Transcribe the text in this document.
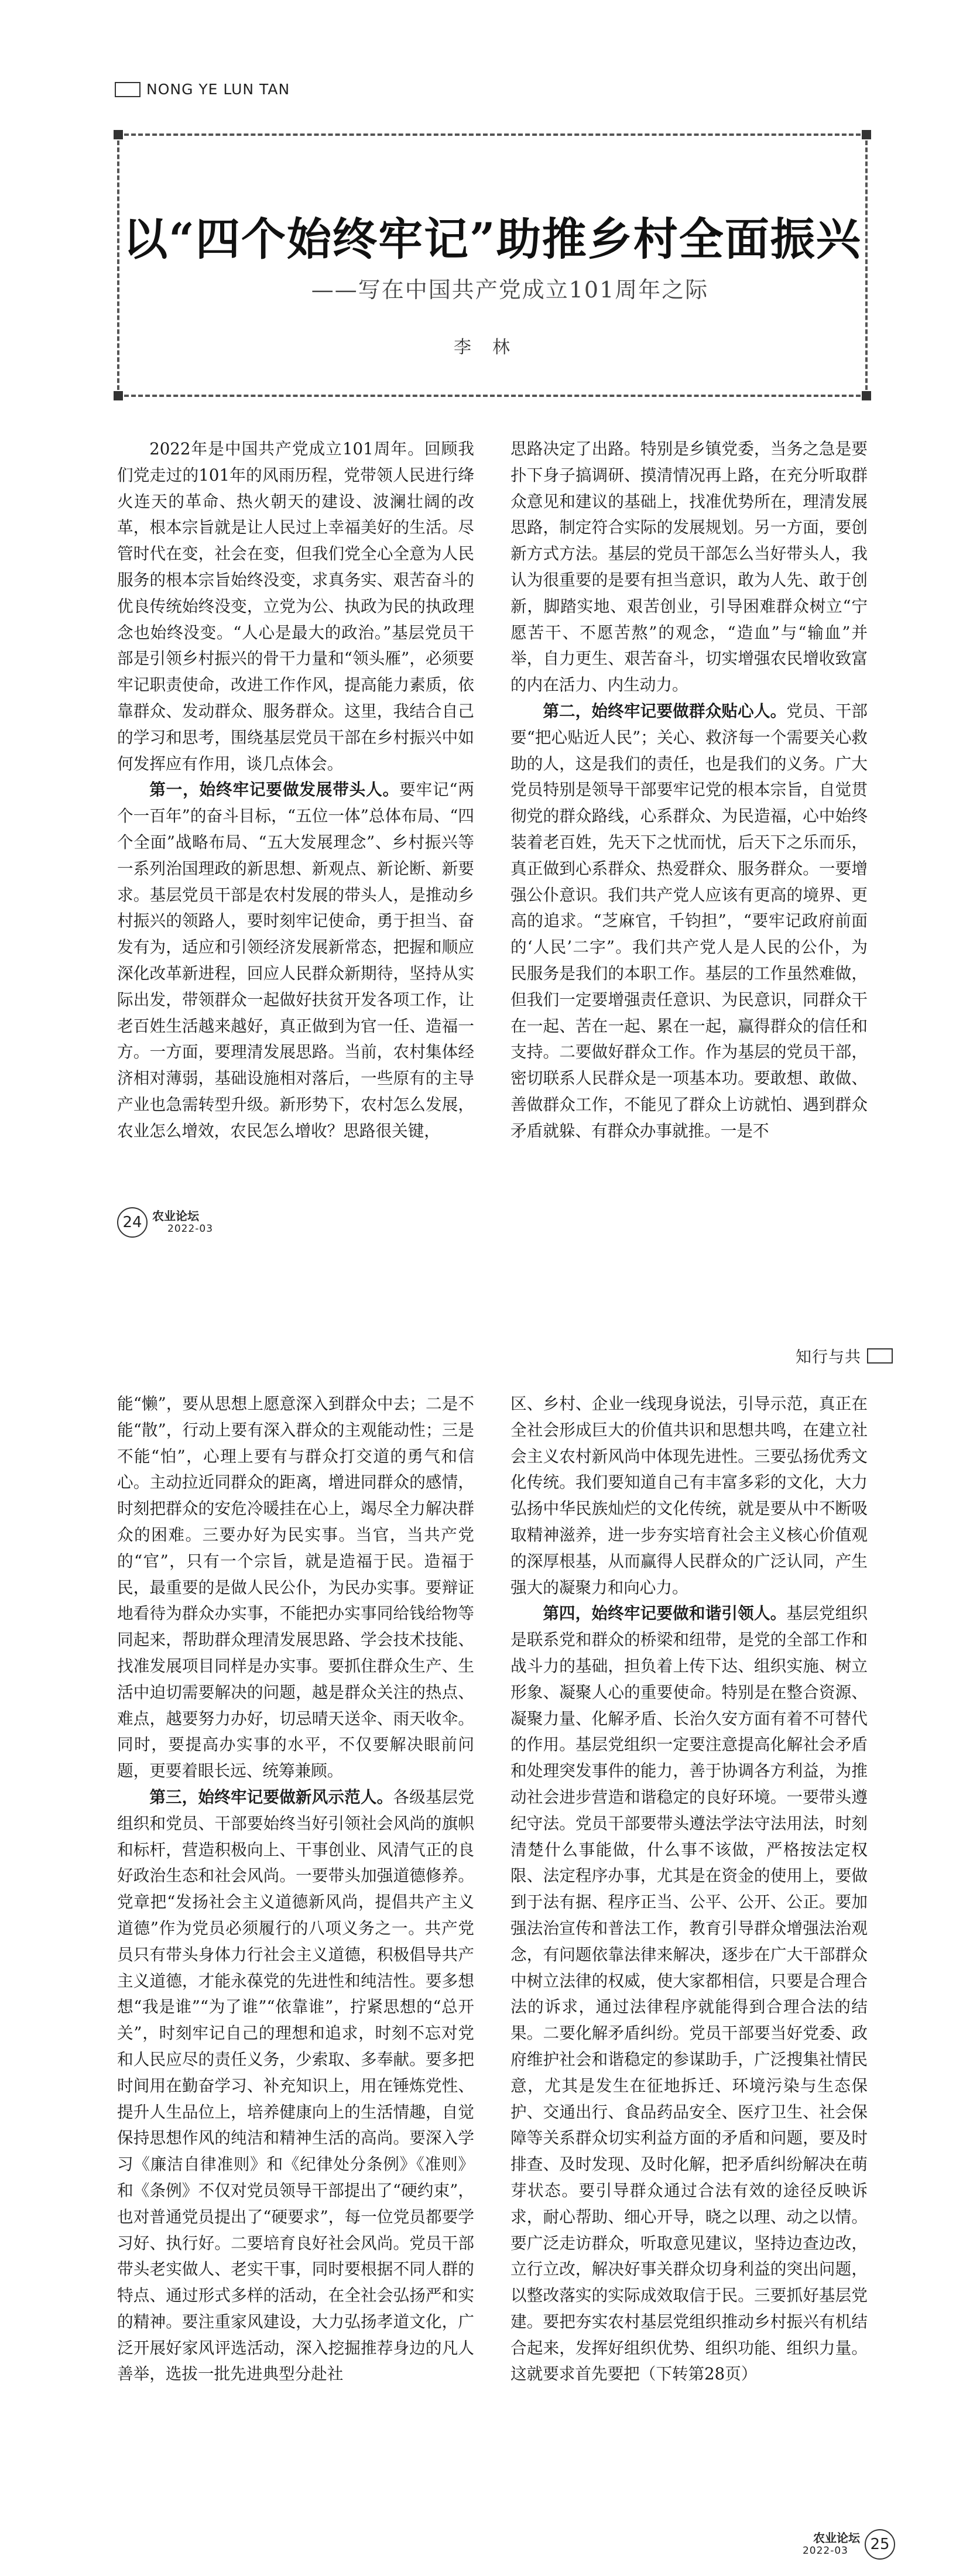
NONG YE LUN TAN
以“四个始终牢记”助推乡村全面振兴
——写在中国共产党成立101周年之际
李林

2022年是中国共产党成立101周年。回顾我们党走过的101年的风雨历程，党带领人民进行绛火连天的革命、热火朝天的建设、波澜壮阔的改革，根本宗旨就是让人民过上幸福美好的生活。尽管时代在变，社会在变，但我们党全心全意为人民服务的根本宗旨始终没变，求真务实、艰苦奋斗的优良传统始终没变，立党为公、执政为民的执政理念也始终没变。“人心是最大的政治。”基层党员干部是引领乡村振兴的骨干力量和“领头雁”，必须要牢记职责使命，改进工作作风，提高能力素质，依靠群众、发动群众、服务群众。这里，我结合自己的学习和思考，围绕基层党员干部在乡村振兴中如何发挥应有作用，谈几点体会。

第一，始终牢记要做发展带头人。要牢记“两个一百年”的奋斗目标，“五位一体”总体布局、“四个全面”战略布局、“五大发展理念”、乡村振兴等一系列治国理政的新思想、新观点、新论断、新要求。基层党员干部是农村发展的带头人，是推动乡村振兴的领路人，要时刻牢记使命，勇于担当、奋发有为，适应和引领经济发展新常态，把握和顺应深化改革新进程，回应人民群众新期待，坚持从实际出发，带领群众一起做好扶贫开发各项工作，让老百姓生活越来越好，真正做到为官一任、造福一方。一方面，要理清发展思路。当前，农村集体经济相对薄弱，基础设施相对落后，一些原有的主导产业也急需转型升级。新形势下，农村怎么发展，农业怎么增效，农民怎么增收？思路很关键，

思路决定了出路。特别是乡镇党委，当务之急是要扑下身子搞调研、摸清情况再上路，在充分听取群众意见和建议的基础上，找准优势所在，理清发展思路，制定符合实际的发展规划。另一方面，要创新方式方法。基层的党员干部怎么当好带头人，我认为很重要的是要有担当意识，敢为人先、敢于创新，脚踏实地、艰苦创业，引导困难群众树立“宁愿苦干、不愿苦熬”的观念，“造血”与“输血”并举，自力更生、艰苦奋斗，切实增强农民增收致富的内在活力、内生动力。

第二，始终牢记要做群众贴心人。党员、干部要“把心贴近人民”；关心、救济每一个需要关心救助的人，这是我们的责任，也是我们的义务。广大党员特别是领导干部要牢记党的根本宗旨，自觉贯彻党的群众路线，心系群众、为民造福，心中始终装着老百姓，先天下之忧而忧，后天下之乐而乐，真正做到心系群众、热爱群众、服务群众。一要增强公仆意识。我们共产党人应该有更高的境界、更高的追求。“芝麻官，千钧担”，“要牢记政府前面的‘人民’二字”。我们共产党人是人民的公仆，为民服务是我们的本职工作。基层的工作虽然难做，但我们一定要增强责任意识、为民意识，同群众干在一起、苦在一起、累在一起，赢得群众的信任和支持。二要做好群众工作。作为基层的党员干部，密切联系人民群众是一项基本功。要敢想、敢做、善做群众工作，不能见了群众上访就怕、遇到群众矛盾就躲、有群众办事就推。一是不

24 农业论坛
2022-03
知行与共

能“懒”，要从思想上愿意深入到群众中去；二是不能“散”，行动上要有深入群众的主观能动性；三是不能“怕”，心理上要有与群众打交道的勇气和信心。主动拉近同群众的距离，增进同群众的感情，时刻把群众的安危冷暖挂在心上，竭尽全力解决群众的困难。三要办好为民实事。当官，当共产党的“官”，只有一个宗旨，就是造福于民。造福于民，最重要的是做人民公仆，为民办实事。要辩证地看待为群众办实事，不能把办实事同给钱给物等同起来，帮助群众理清发展思路、学会技术技能、找准发展项目同样是办实事。要抓住群众生产、生活中迫切需要解决的问题，越是群众关注的热点、难点，越要努力办好，切忌晴天送伞、雨天收伞。同时，要提高办实事的水平，不仅要解决眼前问题，更要着眼长远、统筹兼顾。

第三，始终牢记要做新风示范人。各级基层党组织和党员、干部要始终当好引领社会风尚的旗帜和标杆，营造积极向上、干事创业、风清气正的良好政治生态和社会风尚。一要带头加强道德修养。党章把“发扬社会主义道德新风尚，提倡共产主义道德”作为党员必须履行的八项义务之一。共产党员只有带头身体力行社会主义道德，积极倡导共产主义道德，才能永葆党的先进性和纯洁性。要多想想“我是谁”“为了谁”“依靠谁”，拧紧思想的“总开关”，时刻牢记自己的理想和追求，时刻不忘对党和人民应尽的责任义务，少索取、多奉献。要多把时间用在勤奋学习、补充知识上，用在锤炼党性、提升人生品位上，培养健康向上的生活情趣，自觉保持思想作风的纯洁和精神生活的高尚。要深入学习《廉洁自律准则》和《纪律处分条例》《准则》和《条例》不仅对党员领导干部提出了“硬约束”，也对普通党员提出了“硬要求”，每一位党员都要学习好、执行好。二要培育良好社会风尚。党员干部带头老实做人、老实干事，同时要根据不同人群的特点、通过形式多样的活动，在全社会弘扬严和实的精神。要注重家风建设，大力弘扬孝道文化，广泛开展好家风评选活动，深入挖掘推荐身边的凡人善举，选拔一批先进典型分赴社

区、乡村、企业一线现身说法，引导示范，真正在全社会形成巨大的价值共识和思想共鸣，在建立社会主义农村新风尚中体现先进性。三要弘扬优秀文化传统。我们要知道自己有丰富多彩的文化，大力弘扬中华民族灿烂的文化传统，就是要从中不断吸取精神滋养，进一步夯实培育社会主义核心价值观的深厚根基，从而赢得人民群众的广泛认同，产生强大的凝聚力和向心力。

第四，始终牢记要做和谐引领人。基层党组织是联系党和群众的桥梁和纽带，是党的全部工作和战斗力的基础，担负着上传下达、组织实施、树立形象、凝聚人心的重要使命。特别是在整合资源、凝聚力量、化解矛盾、长治久安方面有着不可替代的作用。基层党组织一定要注意提高化解社会矛盾和处理突发事件的能力，善于协调各方利益，为推动社会进步营造和谐稳定的良好环境。一要带头遵纪守法。党员干部要带头遵法学法守法用法，时刻清楚什么事能做，什么事不该做，严格按法定权限、法定程序办事，尤其是在资金的使用上，要做到于法有据、程序正当、公平、公开、公正。要加强法治宣传和普法工作，教育引导群众增强法治观念，有问题依靠法律来解决，逐步在广大干部群众中树立法律的权威，使大家都相信，只要是合理合法的诉求，通过法律程序就能得到合理合法的结果。二要化解矛盾纠纷。党员干部要当好党委、政府维护社会和谐稳定的参谋助手，广泛搜集社情民意，尤其是发生在征地拆迁、环境污染与生态保护、交通出行、食品药品安全、医疗卫生、社会保障等关系群众切实利益方面的矛盾和问题，要及时排查、及时发现、及时化解，把矛盾纠纷解决在萌芽状态。要引导群众通过合法有效的途径反映诉求，耐心帮助、细心开导，晓之以理、动之以情。要广泛走访群众，听取意见建议，坚持边查边改，立行立改，解决好事关群众切身利益的突出问题，以整改落实的实际成效取信于民。三要抓好基层党建。要把夯实农村基层党组织推动乡村振兴有机结合起来，发挥好组织优势、组织功能、组织力量。这就要求首先要把（下转第28页）

农业论坛
2022-03	25
